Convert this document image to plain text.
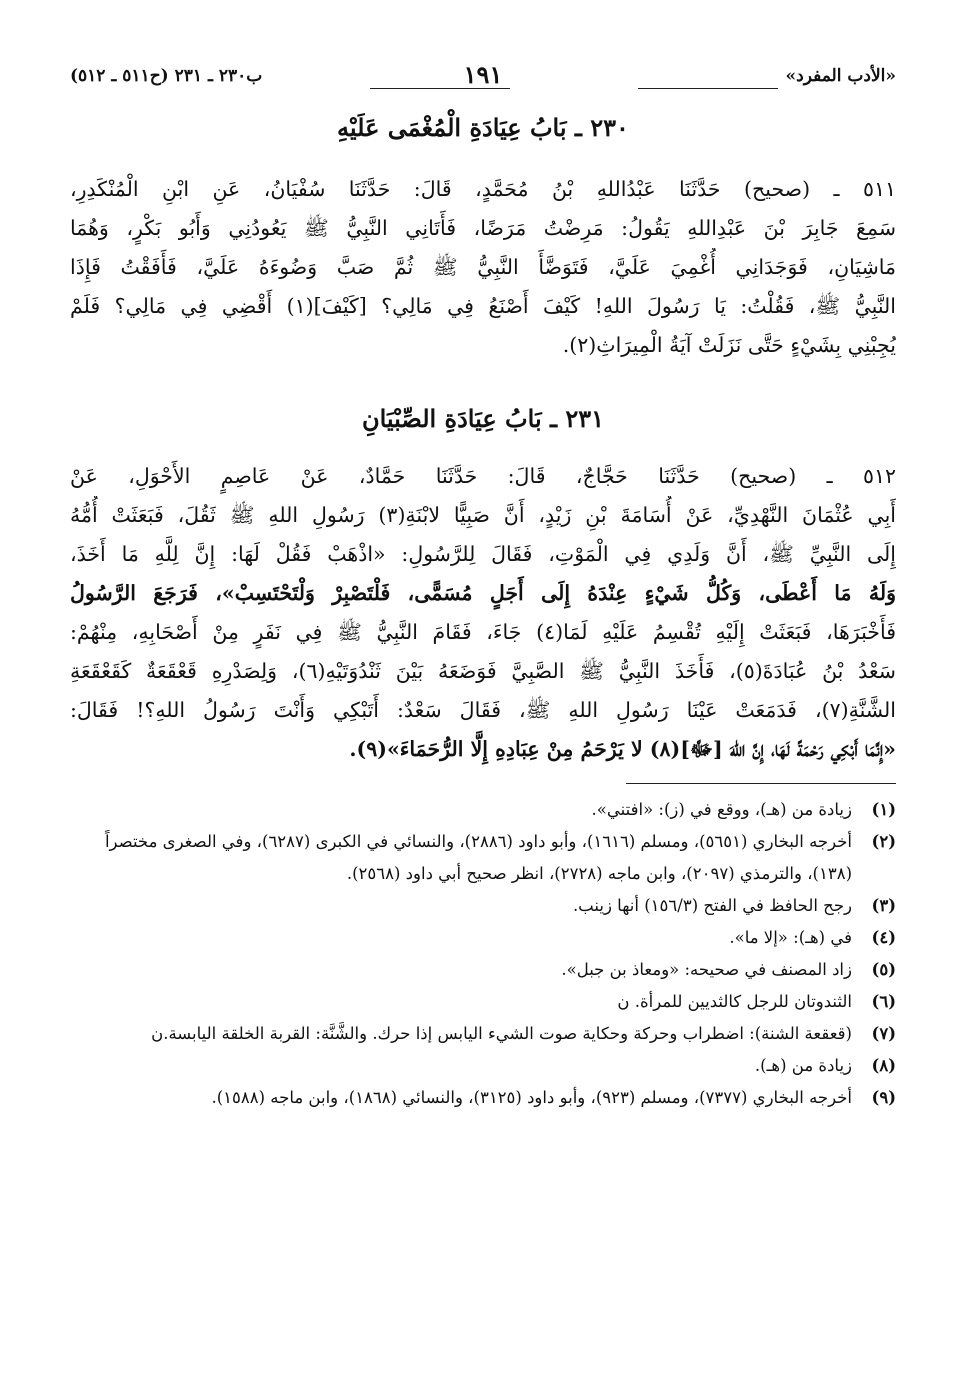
«الأدب المفرد»
١٩١
ب٢٣٠ ـ ٢٣١ (ح٥١١ ـ ٥١٢)
٢٣٠ ـ بَابُ عِيَادَةِ الْمُغْمَى عَلَيْهِ

٥١١ ـ (صحيح) حَدَّثَنَا عَبْدُاللهِ بْنُ مُحَمَّدٍ، قَالَ: حَدَّثَنَا سُفْيَانُ، عَنِ ابْنِ الْمُنْكَدِرِ،
سَمِعَ جَابِرَ بْنَ عَبْدِاللهِ يَقُولُ: مَرِضْتُ مَرَضًا، فَأَتَانِي النَّبِيُّ ﷺ يَعُودُنِي وَأَبُو بَكْرٍ، وَهُمَا
مَاشِيَانِ، فَوَجَدَانِي أُغْمِيَ عَلَيَّ، فَتَوَضَّأَ النَّبِيُّ ﷺ ثُمَّ صَبَّ وَضُوءَهُ عَلَيَّ، فَأَفَقْتُ فَإِذَا
النَّبِيُّ ﷺ، فَقُلْتُ: يَا رَسُولَ اللهِ! كَيْفَ أَصْنَعُ فِي مَالِي؟ [كَيْفَ](١) أَقْضِي فِي مَالِي؟ فَلَمْ
يُجِبْنِي بِشَيْءٍ حَتَّى نَزَلَتْ آيَةُ الْمِيرَاثِ(٢).

٢٣١ ـ بَابُ عِيَادَةِ الصِّبْيَانِ

٥١٢ ـ (صحيح) حَدَّثَنَا حَجَّاجٌ، قَالَ: حَدَّثَنَا حَمَّادٌ، عَنْ عَاصِمٍ الأَحْوَلِ، عَنْ
أَبِي عُثْمَانَ النَّهْدِيِّ، عَنْ أُسَامَةَ بْنِ زَيْدٍ، أَنَّ صَبِيًّا لابْنَةِ(٣) رَسُولِ اللهِ ﷺ ثَقُلَ، فَبَعَثَتْ أُمُّهُ
إِلَى النَّبِيِّ ﷺ، أَنَّ وَلَدِي فِي الْمَوْتِ، فَقَالَ لِلرَّسُولِ: «اذْهَبْ فَقُلْ لَهَا: إِنَّ لِلَّهِ مَا أَخَذَ،
وَلَهُ مَا أَعْطَى، وَكُلُّ شَيْءٍ عِنْدَهُ إِلَى أَجَلٍ مُسَمًّى، فَلْتَصْبِرْ وَلْتَحْتَسِبْ»، فَرَجَعَ الرَّسُولُ
فَأَخْبَرَهَا، فَبَعَثَتْ إِلَيْهِ تُقْسِمُ عَلَيْهِ لَمَا(٤) جَاءَ، فَقَامَ النَّبِيُّ ﷺ فِي نَفَرٍ مِنْ أَصْحَابِهِ، مِنْهُمْ:
سَعْدُ بْنُ عُبَادَةَ(٥)، فَأَخَذَ النَّبِيُّ ﷺ الصَّبِيَّ فَوَضَعَهُ بَيْنَ ثَنْدُوَتَيْهِ(٦)، وَلِصَدْرِهِ قَعْقَعَةٌ كَقَعْقَعَةِ
الشَّنَّةِ(٧)، فَدَمَعَتْ عَيْنَا رَسُولِ اللهِ ﷺ، فَقَالَ سَعْدٌ: أَتَبْكِي وَأَنْتَ رَسُولُ اللهِ؟! فَقَالَ:
«إِنَّمَا أَبْكِي رَحْمَةً لَهَا، إِنَّ اللهَ [ﷻ](٨) لا يَرْحَمُ مِنْ عِبَادِهِ إِلَّا الرُّحَمَاءَ»(٩).

(١)
زيادة من (هـ)، ووقع في (ز): «افتني».
(٢)
أخرجه البخاري (٥٦٥١)، ومسلم (١٦١٦)، وأبو داود (٢٨٨٦)، والنسائي في الكبرى (٦٢٨٧)، وفي الصغرى مختصراً (١٣٨)، والترمذي (٢٠٩٧)، وابن ماجه (٢٧٢٨)، انظر صحيح أبي داود (٢٥٦٨).
(٣)
رجح الحافظ في الفتح (١٥٦/٣) أنها زينب.
(٤)
في (هـ): «إلا ما».
(٥)
زاد المصنف في صحيحه: «ومعاذ بن جبل».
(٦)
الثندوتان للرجل كالثديين للمرأة. ن
(٧)
(قعقعة الشنة): اضطراب وحركة وحكاية صوت الشيء اليابس إذا حرك. والشَّنَّة: القربة الخلقة اليابسة.ن
(٨)
زيادة من (هـ).
(٩)
أخرجه البخاري (٧٣٧٧)، ومسلم (٩٢٣)، وأبو داود (٣١٢٥)، والنسائي (١٨٦٨)، وابن ماجه (١٥٨٨).
